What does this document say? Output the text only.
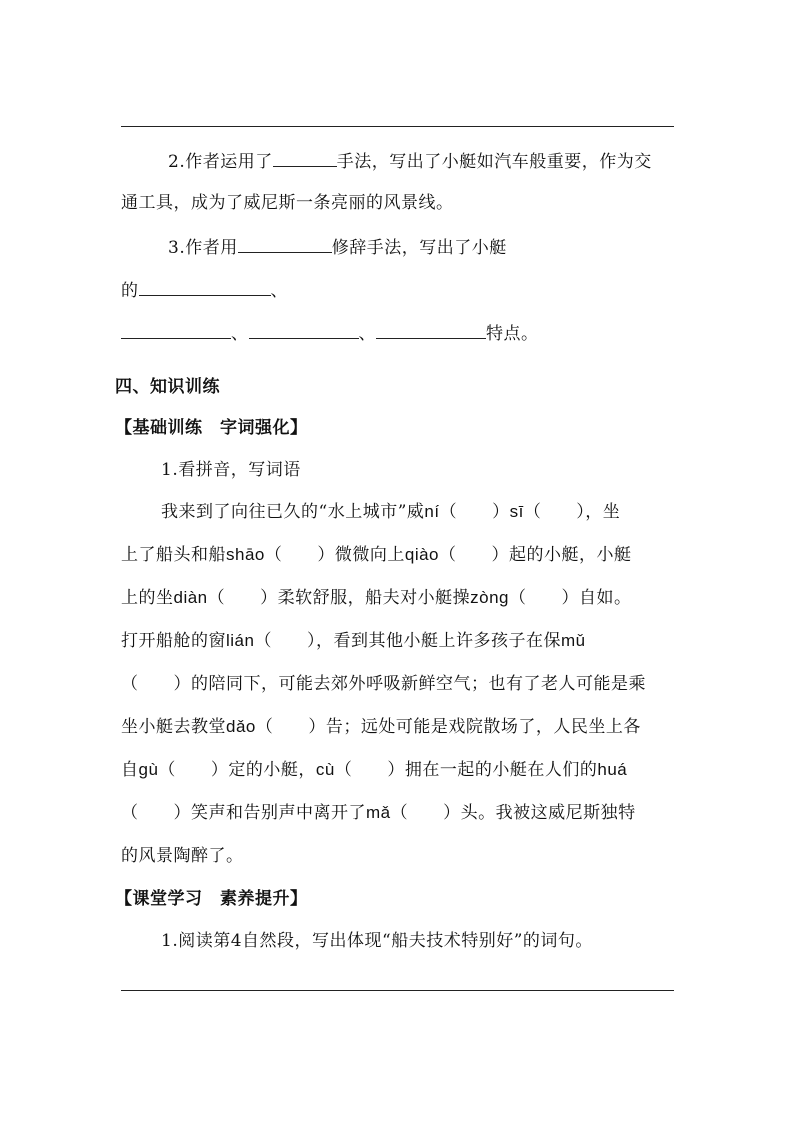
2.作者运用了	手法，写出了小艇如汽车般重要，作为交
通工具，成为了威尼斯一条亮丽的风景线。
3.作者用	修辞手法，写出了小艇
的	、
、	、	特点。
四、知识训练
【基础训练　字词强化】
1.看拼音，写词语
我来到了向往已久的“水上城市”威ní（　　）sī（　　），坐
上了船头和船shāo（　　）微微向上qiào（　　）起的小艇，小艇
上的坐diàn（　　）柔软舒服，船夫对小艇操zòng（　　）自如。
打开船舱的窗lián（　　），看到其他小艇上许多孩子在保mǔ
（　　）的陪同下，可能去郊外呼吸新鲜空气；也有了老人可能是乘
坐小艇去教堂dǎo（　　）告；远处可能是戏院散场了，人民坐上各
自gù（　　）定的小艇，cù（　　）拥在一起的小艇在人们的huá
（　　）笑声和告别声中离开了mǎ（　　）头。我被这威尼斯独特
的风景陶醉了。
【课堂学习　素养提升】
1.阅读第4自然段，写出体现“船夫技术特别好”的词句。
